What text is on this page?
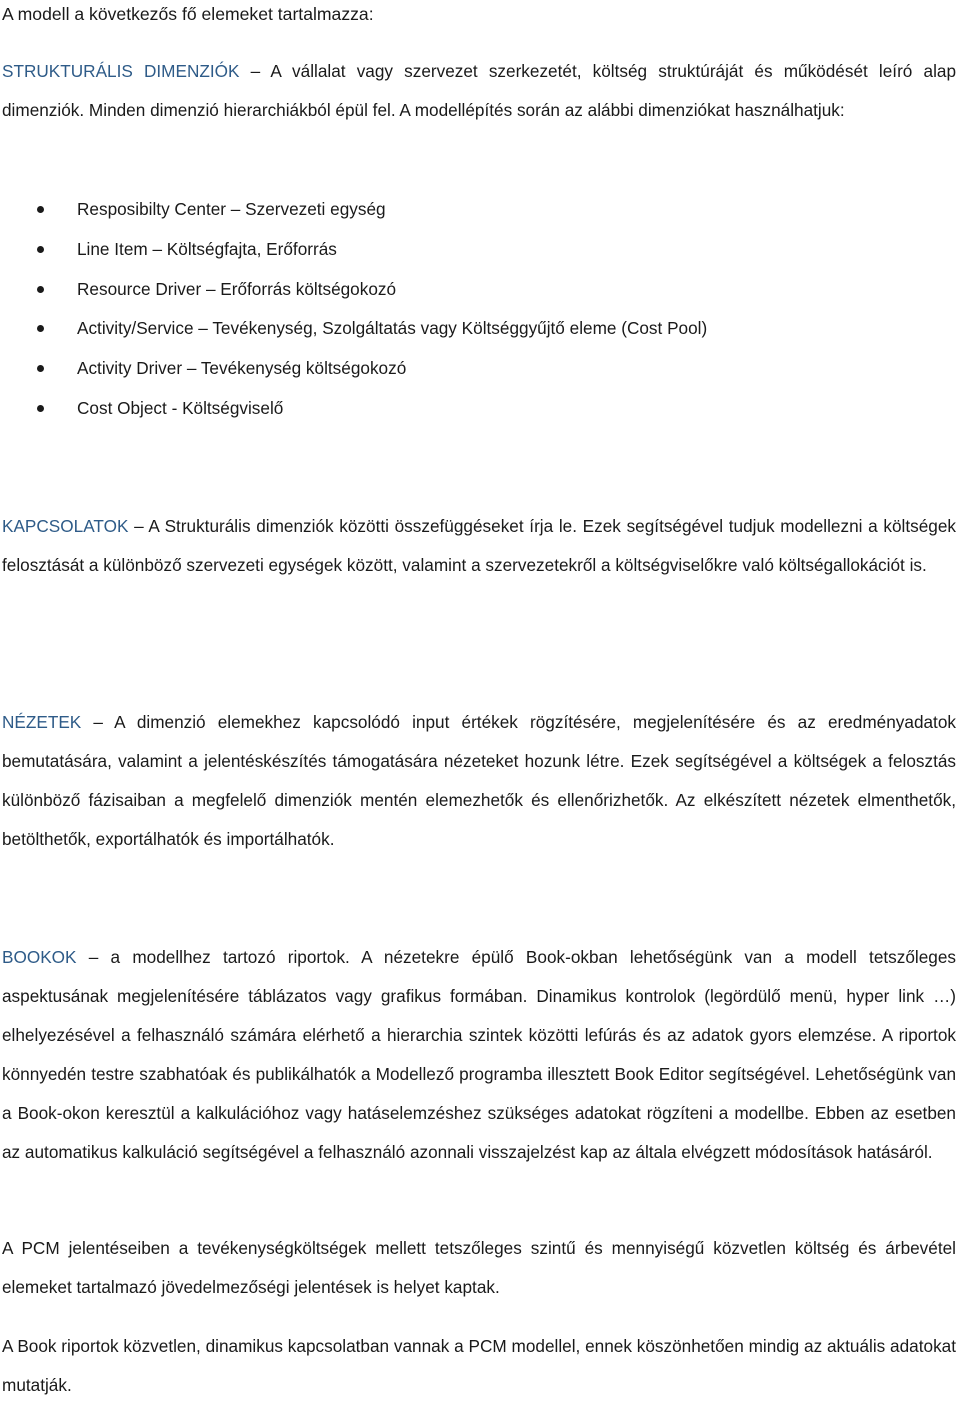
A modell a következős fő elemeket tartalmazza:

STRUKTURÁLIS DIMENZIÓK – A vállalat vagy szervezet szerkezetét, költség struktúráját és működését leíró alap dimenziók. Minden dimenzió hierarchiákból épül fel. A modellépítés során az alábbi dimenziókat használhatjuk:

Resposibilty Center – Szervezeti egység
Line Item – Költségfajta, Erőforrás
Resource Driver – Erőforrás költségokozó
Activity/Service – Tevékenység, Szolgáltatás vagy Költséggyűjtő eleme (Cost Pool)
Activity Driver – Tevékenység költségokozó
Cost Object - Költségviselő

KAPCSOLATOK – A Strukturális dimenziók közötti összefüggéseket írja le. Ezek segítségével tudjuk modellezni a költségek felosztását a különböző szervezeti egységek között, valamint a szervezetekről a költségviselőkre való költségallokációt is.

NÉZETEK – A dimenzió elemekhez kapcsolódó input értékek rögzítésére, megjelenítésére és az eredményadatok bemutatására, valamint a jelentéskészítés támogatására nézeteket hozunk létre. Ezek segítségével a költségek a felosztás különböző fázisaiban a megfelelő dimenziók mentén elemezhetők és ellenőrizhetők. Az elkészített nézetek elmenthetők, betölthetők, exportálhatók és importálhatók.

BOOKOK – a modellhez tartozó riportok. A nézetekre épülő Book-okban lehetőségünk van a modell tetszőleges aspektusának megjelenítésére táblázatos vagy grafikus formában. Dinamikus kontrolok (legördülő menü, hyper link …) elhelyezésével a felhasználó számára elérhető a hierarchia szintek közötti lefúrás és az adatok gyors elemzése. A riportok könnyedén testre szabhatóak és publikálhatók a Modellező programba illesztett Book Editor segítségével. Lehetőségünk van a Book-okon keresztül a kalkulációhoz vagy hatáselemzéshez szükséges adatokat rögzíteni a modellbe. Ebben az esetben az automatikus kalkuláció segítségével a felhasználó azonnali visszajelzést kap az általa elvégzett módosítások hatásáról.

A PCM jelentéseiben a tevékenységköltségek mellett tetszőleges szintű és mennyiségű közvetlen költség és árbevétel elemeket tartalmazó jövedelmezőségi jelentések is helyet kaptak.

A Book riportok közvetlen, dinamikus kapcsolatban vannak a PCM modellel, ennek köszönhetően mindig az aktuális adatokat mutatják.
